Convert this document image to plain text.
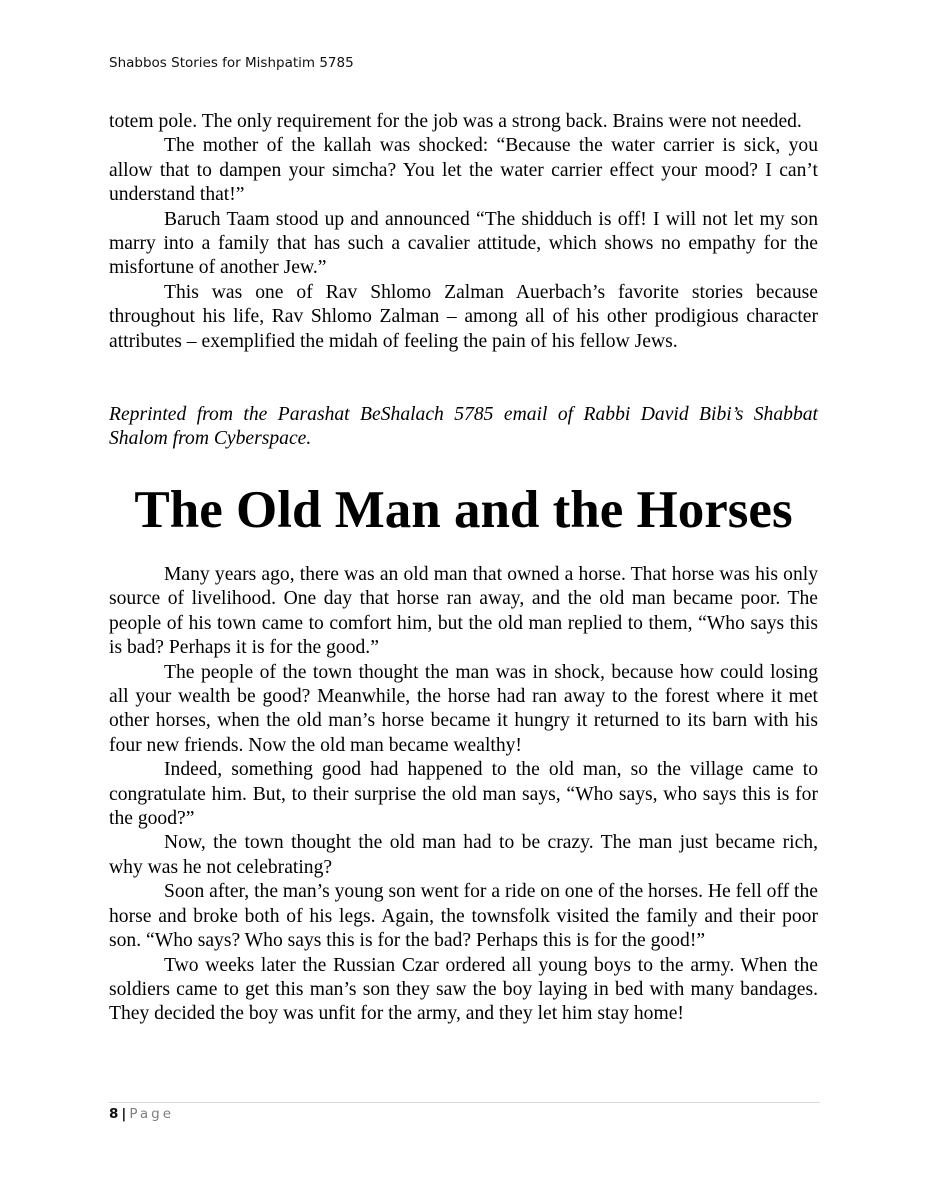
Shabbos Stories for Mishpatim 5785

totem pole. The only requirement for the job was a strong back. Brains were not needed.

The mother of the kallah was shocked: “Because the water carrier is sick, you allow that to dampen your simcha? You let the water carrier effect your mood? I can’t understand that!”

Baruch Taam stood up and announced “The shidduch is off! I will not let my son marry into a family that has such a cavalier attitude, which shows no empathy for the misfortune of another Jew.”

This was one of Rav Shlomo Zalman Auerbach’s favorite stories because throughout his life, Rav Shlomo Zalman – among all of his other prodigious character attributes – exemplified the midah of feeling the pain of his fellow Jews.

Reprinted from the Parashat BeShalach 5785 email of Rabbi David Bibi’s Shabbat Shalom from Cyberspace.

The Old Man and the Horses

Many years ago, there was an old man that owned a horse. That horse was his only source of livelihood. One day that horse ran away, and the old man became poor. The people of his town came to comfort him, but the old man replied to them, “Who says this is bad? Perhaps it is for the good.”

The people of the town thought the man was in shock, because how could losing all your wealth be good? Meanwhile, the horse had ran away to the forest where it met other horses, when the old man’s horse became it hungry it returned to its barn with his four new friends. Now the old man became wealthy!

Indeed, something good had happened to the old man, so the village came to congratulate him. But, to their surprise the old man says, “Who says, who says this is for the good?”

Now, the town thought the old man had to be crazy. The man just became rich, why was he not celebrating?

Soon after, the man’s young son went for a ride on one of the horses. He fell off the horse and broke both of his legs. Again, the townsfolk visited the family and their poor son. “Who says? Who says this is for the bad? Perhaps this is for the good!”

Two weeks later the Russian Czar ordered all young boys to the army. When the soldiers came to get this man’s son they saw the boy laying in bed with many bandages. They decided the boy was unfit for the army, and they let him stay home!

8 | Page
